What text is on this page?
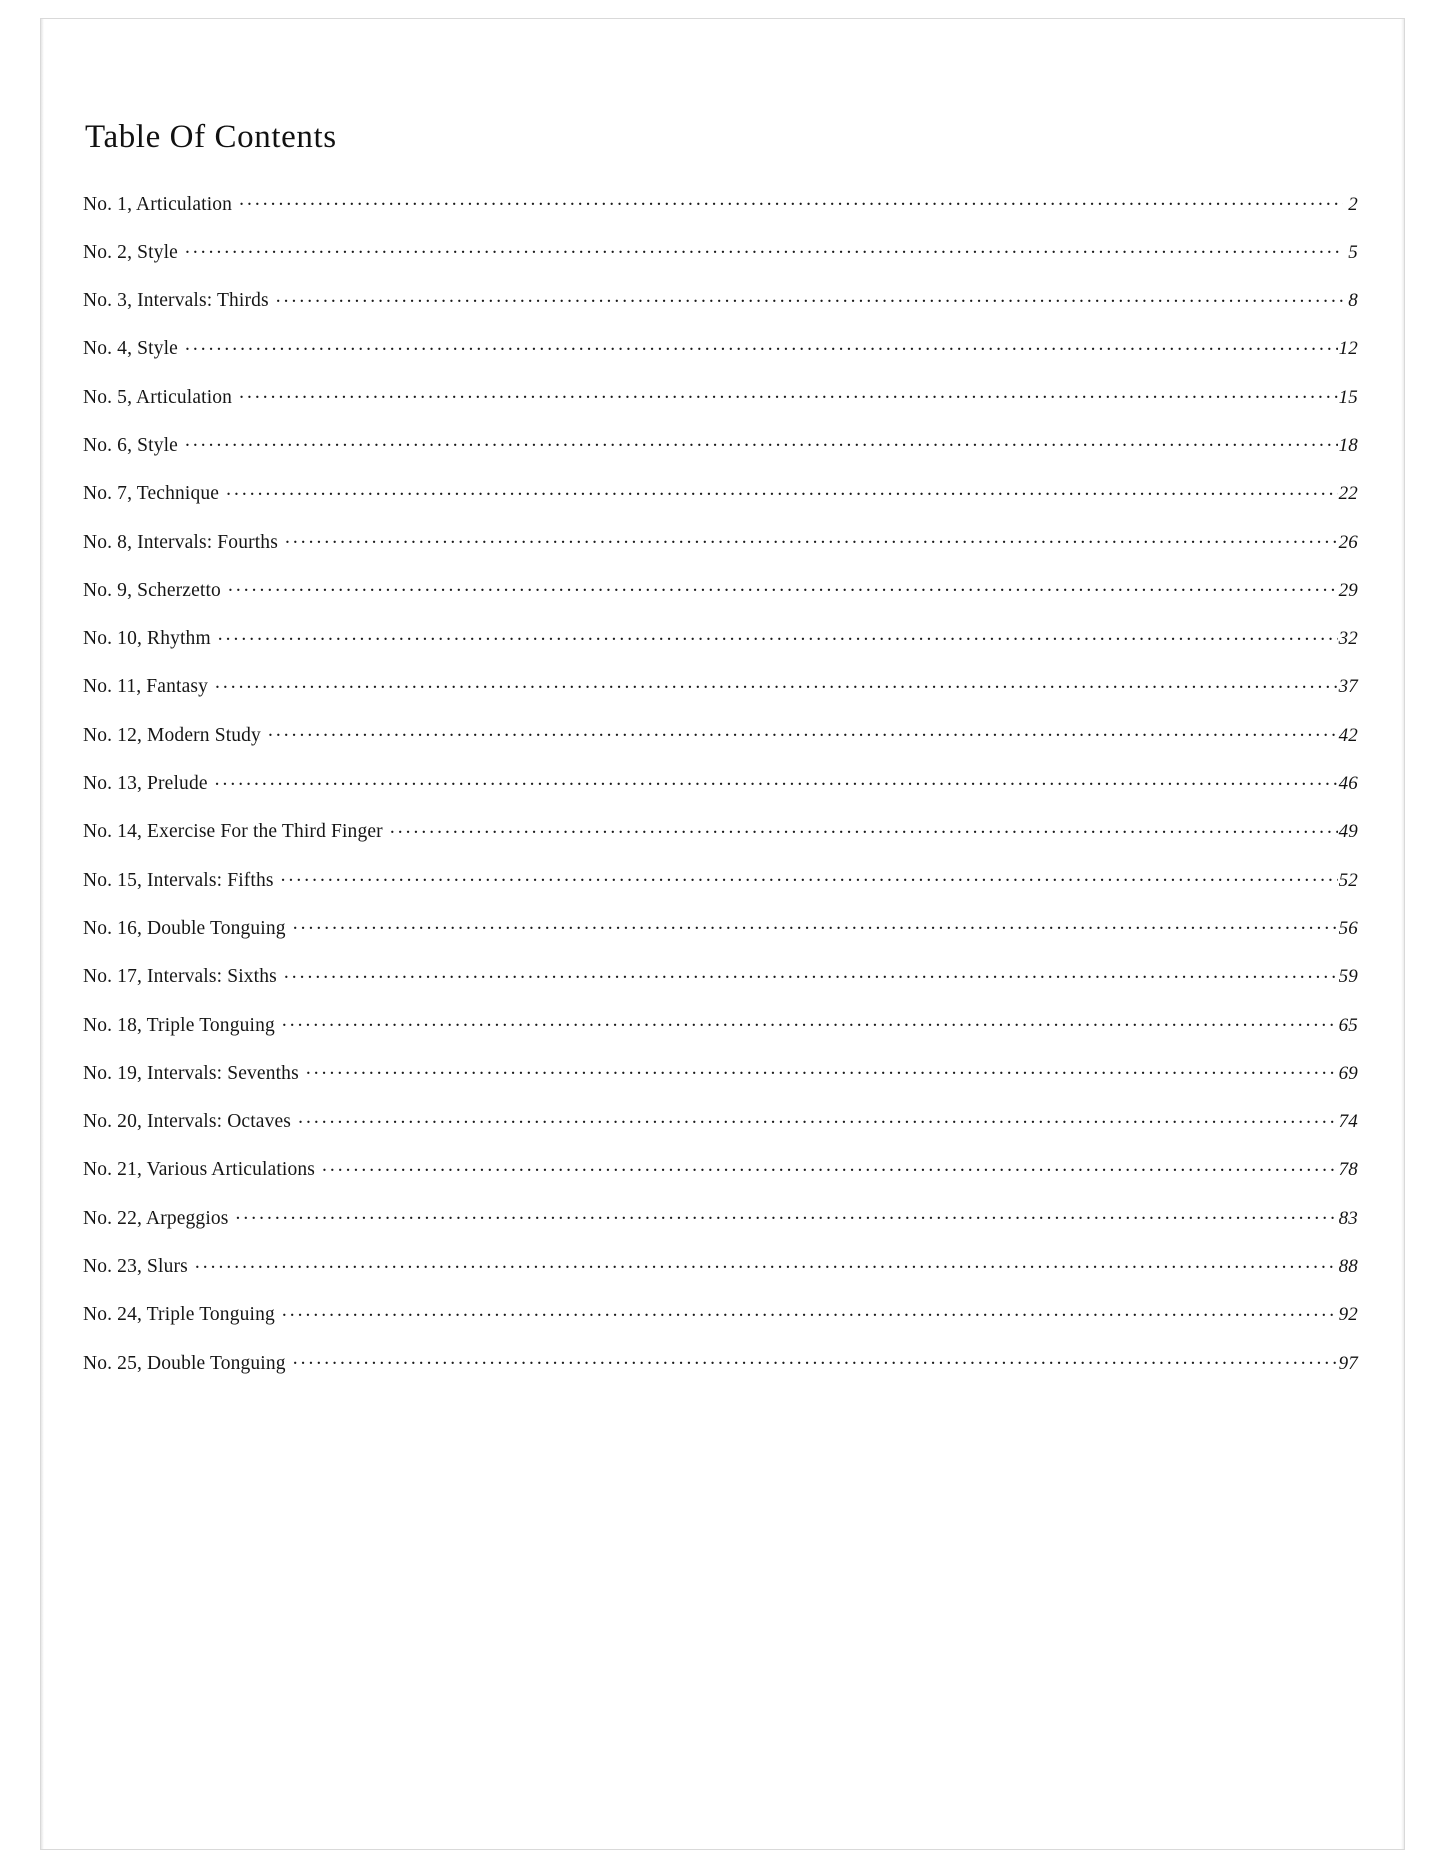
Table Of Contents
No. 1, Articulation .....	2
No. 2, Style .....	5
No. 3, Intervals: Thirds .....	8
No. 4, Style .....	12
No. 5, Articulation .....	15
No. 6, Style .....	18
No. 7, Technique .....	22
No. 8, Intervals: Fourths .....	26
No. 9, Scherzetto .....	29
No. 10, Rhythm .....	32
No. 11, Fantasy .....	37
No. 12, Modern Study .....	42
No. 13, Prelude .....	46
No. 14, Exercise For the Third Finger .....	49
No. 15, Intervals: Fifths .....	52
No. 16, Double Tonguing .....	56
No. 17, Intervals: Sixths .....	59
No. 18, Triple Tonguing .....	65
No. 19, Intervals: Sevenths .....	69
No. 20, Intervals: Octaves .....	74
No. 21, Various Articulations .....	78
No. 22, Arpeggios .....	83
No. 23, Slurs .....	88
No. 24, Triple Tonguing .....	92
No. 25, Double Tonguing .....	97
